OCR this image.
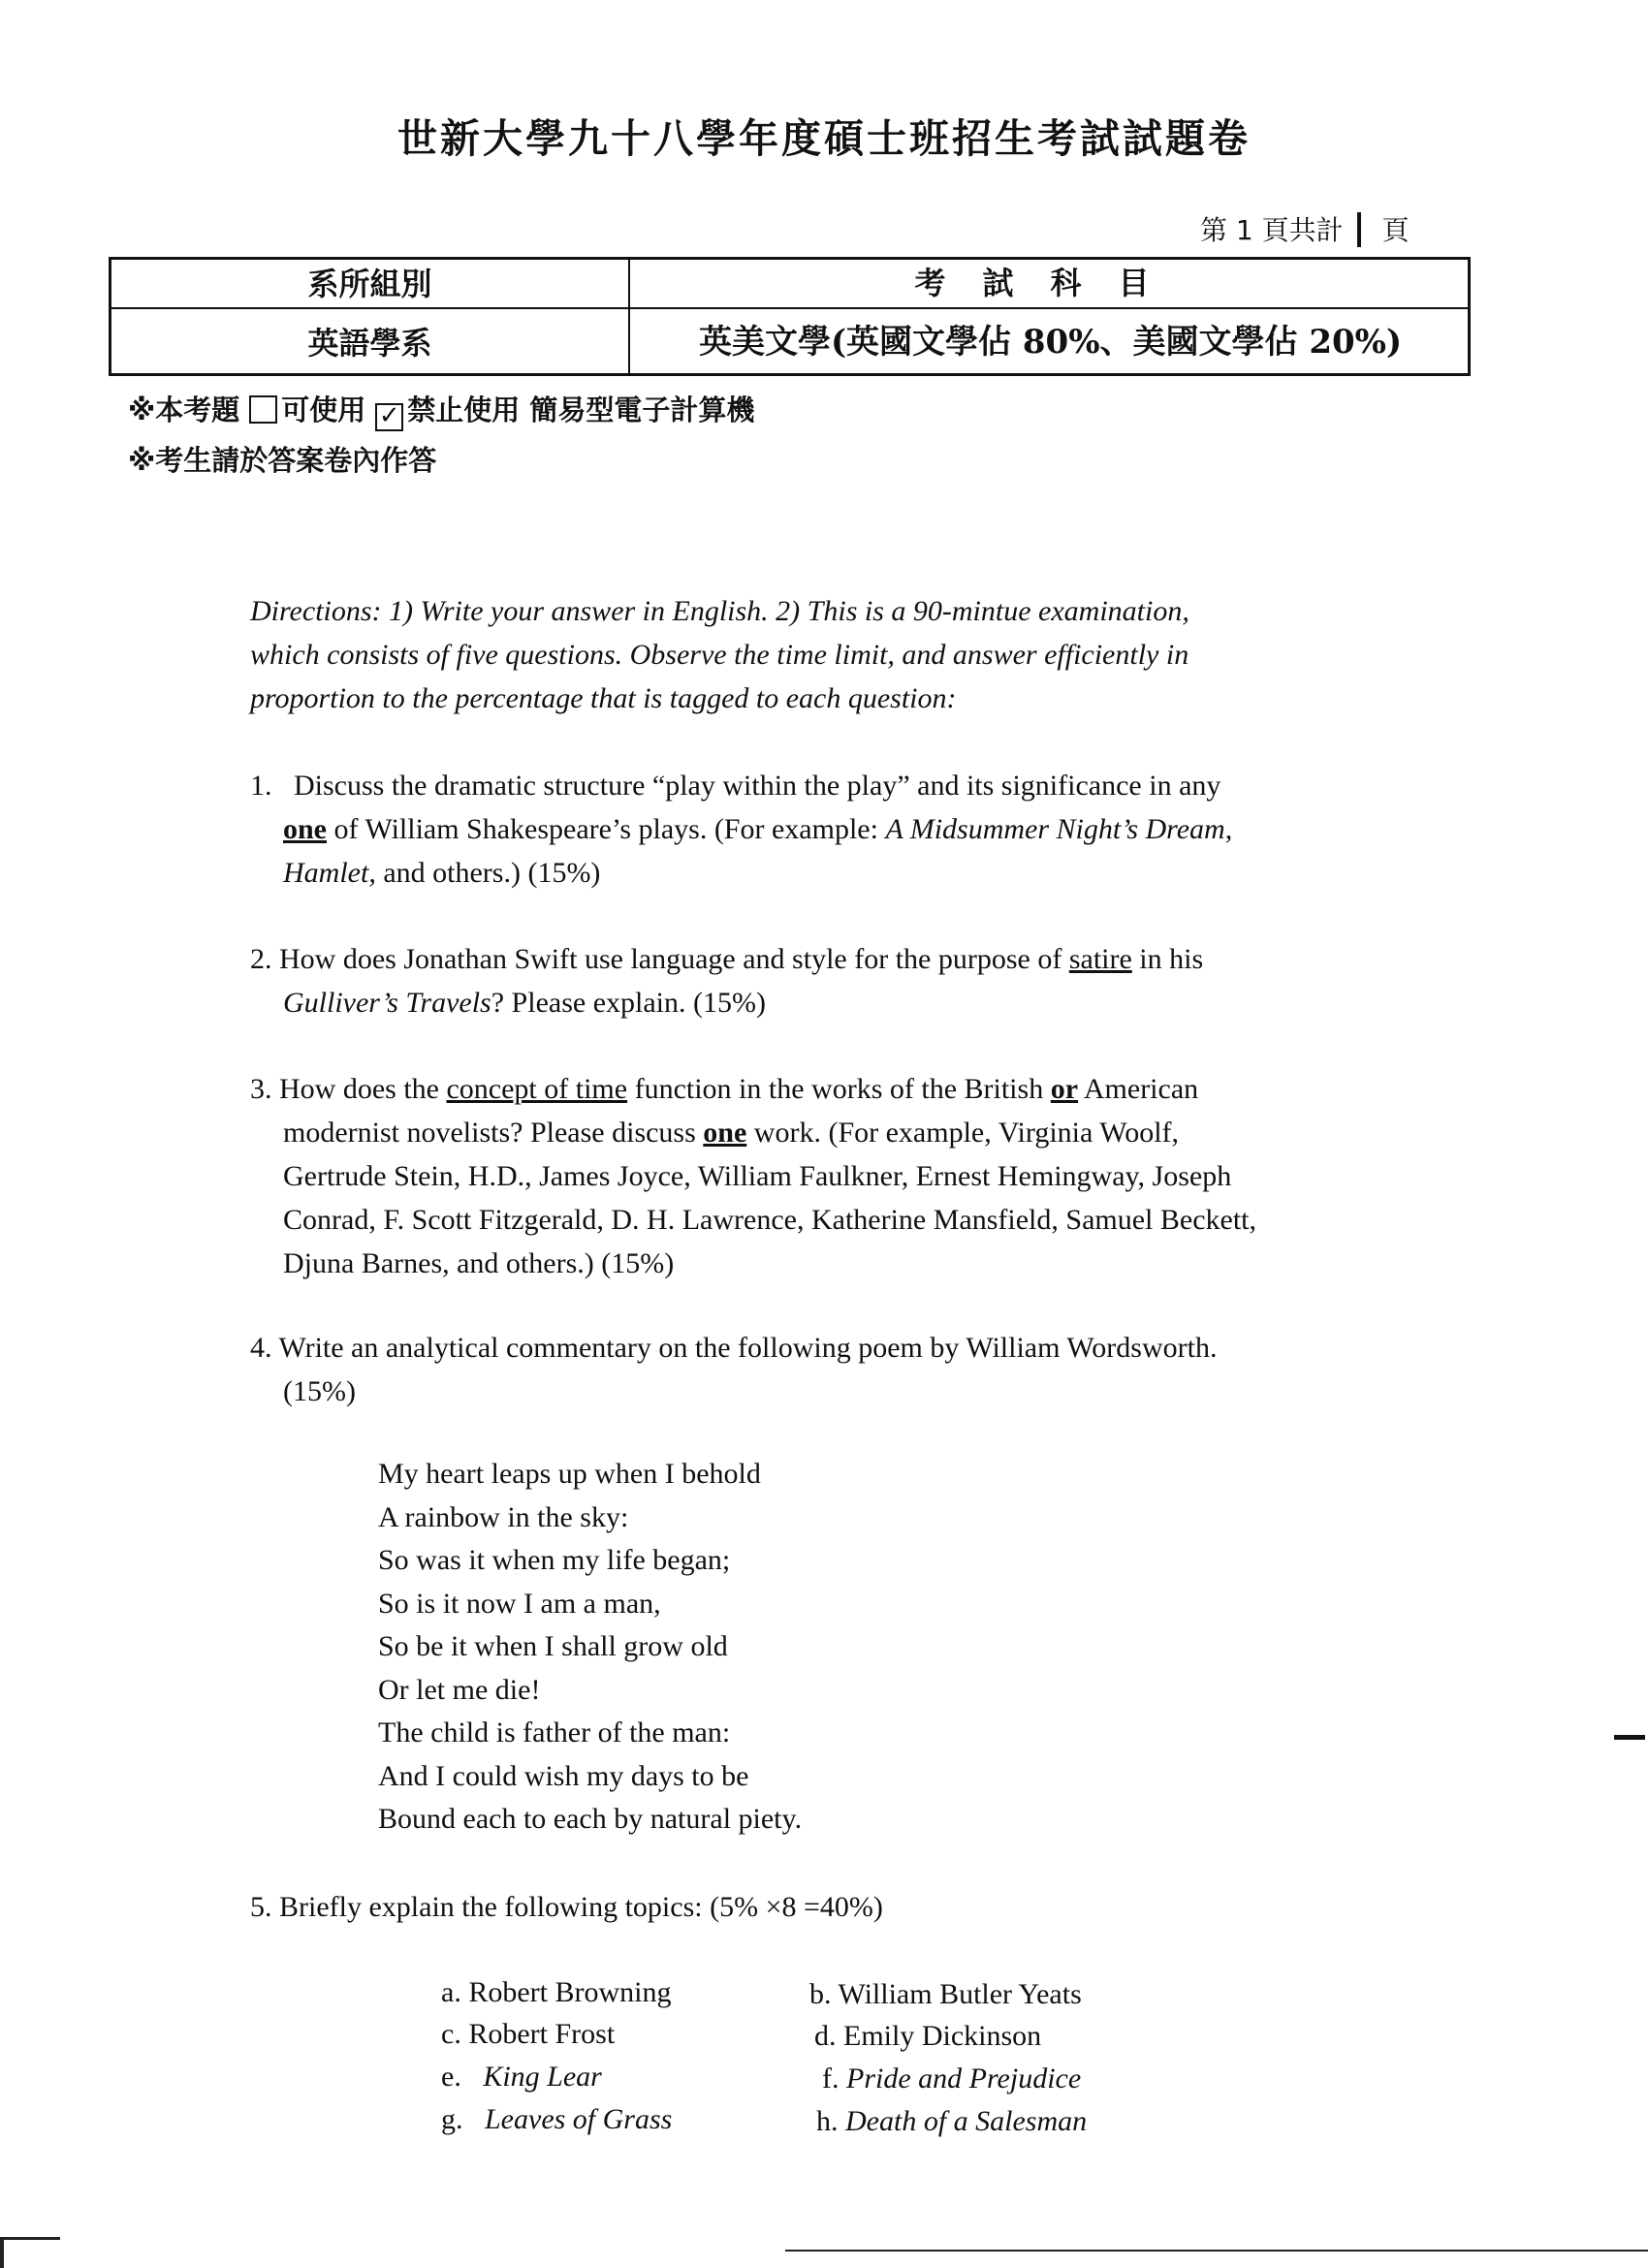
世新大學九十八學年度碩士班招生考試試題卷
第 1 頁共計 頁
系所組別	考試科目
英語學系	英美文學(英國文學佔 80%、美國文學佔 20%)
※本考題 可使用 ✓ 禁止使用 簡易型電子計算機
※考生請於答案卷內作答
Directions: 1) Write your answer in English. 2) This is a 90-mintue examination,
which consists of five questions. Observe the time limit, and answer efficiently in
proportion to the percentage that is tagged to each question:
1. Discuss the dramatic structure “play within the play” and its significance in any
one of William Shakespeare’s plays. (For example: A Midsummer Night’s Dream,
Hamlet, and others.) (15%)
2. How does Jonathan Swift use language and style for the purpose of satire in his
Gulliver’s Travels? Please explain. (15%)
3. How does the concept of time function in the works of the British or American
modernist novelists? Please discuss one work. (For example, Virginia Woolf,
Gertrude Stein, H.D., James Joyce, William Faulkner, Ernest Hemingway, Joseph
Conrad, F. Scott Fitzgerald, D. H. Lawrence, Katherine Mansfield, Samuel Beckett,
Djuna Barnes, and others.) (15%)
4. Write an analytical commentary on the following poem by William Wordsworth.
(15%)
My heart leaps up when I behold
A rainbow in the sky:
So was it when my life began;
So is it now I am a man,
So be it when I shall grow old
Or let me die!
The child is father of the man:
And I could wish my days to be
Bound each to each by natural piety.
5. Briefly explain the following topics: (5% ×8 =40%)
a. Robert Browning	b. William Butler Yeats
c. Robert Frost	d. Emily Dickinson
e. King Lear	f. Pride and Prejudice
g. Leaves of Grass	h. Death of a Salesman
